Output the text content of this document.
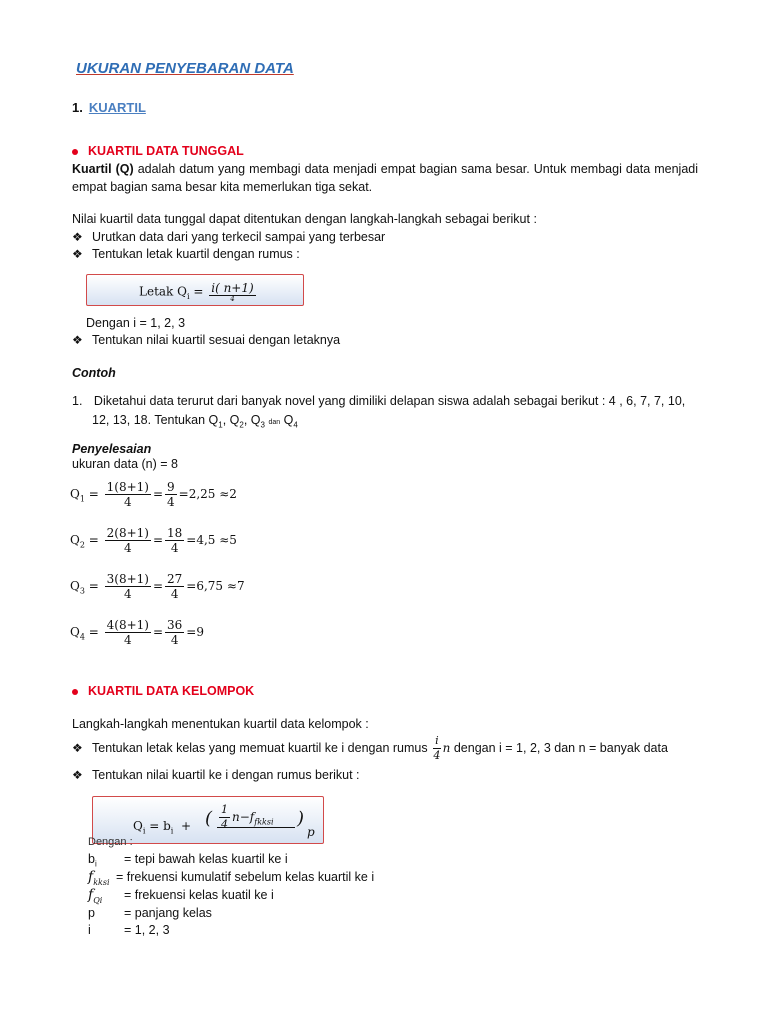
UKURAN PENYEBARAN DATA
1. KUARTIL
KUARTIL DATA TUNGGAL
Kuartil (Q) adalah datum yang membagi data menjadi empat bagian sama besar. Untuk membagi data menjadi empat bagian sama besar kita memerlukan tiga sekat.
Nilai kuartil data tunggal dapat ditentukan dengan langkah-langkah sebagai berikut :
❖ Urutkan data dari yang terkecil sampai yang terbesar
❖ Tentukan letak kuartil dengan rumus :
Letak $Q_i = \frac{i( n+1)}{4}$
Dengan i = 1, 2, 3
❖ Tentukan nilai kuartil sesuai dengan letaknya
Contoh
1. Diketahui data terurut dari banyak novel yang dimiliki delapan siswa adalah sebagai berikut : 4 , 6, 7, 7, 10,
12, 13, 18. Tentukan $Q_1$, $Q_2$, $Q_3$ dan $Q_4$
Penyelesaian
ukuran data (n) = 8
$Q_1 = \frac{1(8+1)}{4} = \frac{9}{4} =2,25 \approx 2$
$Q_2 = \frac{2(8+1)}{4} = \frac{18}{4} =4,5 \approx 5$
$Q_3 = \frac{3(8+1)}{4} = \frac{27}{4} =6,75 \approx 7$
$Q_4 = \frac{4(8+1)}{4} = \frac{36}{4} =9$
KUARTIL DATA KELOMPOK
Langkah-langkah menentukan kuartil data kelompok :
❖ Tentukan letak kelas yang memuat kuartil ke i dengan rumus $\frac{i}{4}$ n dengan i = 1, 2, 3 dan n = banyak data
❖ Tentukan nilai kuartil ke i dengan rumus berikut :
$Q_i = b_i$ + ( $\frac{1}{4} n-f_{fkksi}$ )
p
Dengan :
$b_i$ = tepi bawah kelas kuartil ke i
$f_{kksi}$ = frekuensi kumulatif sebelum kelas kuartil ke i
$f_{Qi}$ = frekuensi kelas kuatil ke i
p = panjang kelas
i	= 1, 2, 3
